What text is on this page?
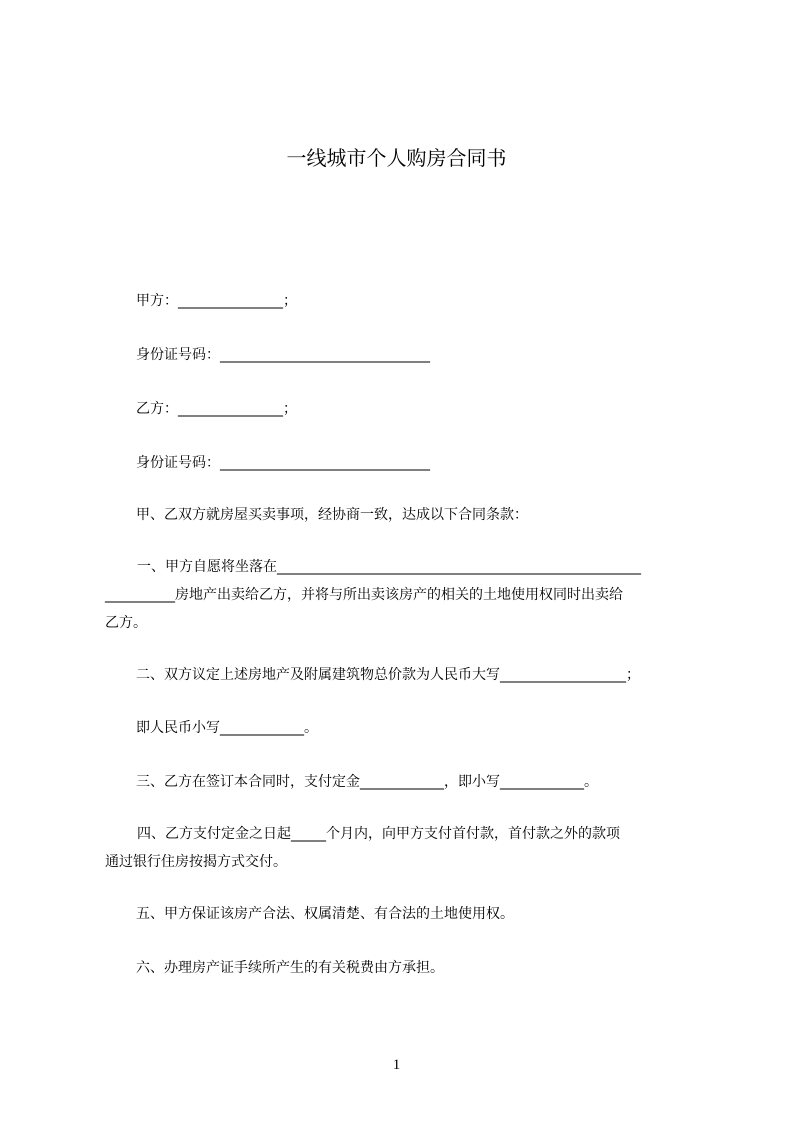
一线城市个人购房合同书
甲方：_______________；
身份证号码：______________________________
乙方：_______________；
身份证号码：______________________________
甲、乙双方就房屋买卖事项，经协商一致，达成以下合同条款：
一、甲方自愿将坐落在____________________________________________________
__________房地产出卖给乙方，并将与所出卖该房产的相关的土地使用权同时出卖给
乙方。
二、双方议定上述房地产及附属建筑物总价款为人民币大写__________________；
即人民币小写____________。
三、乙方在签订本合同时，支付定金____________，即小写____________。
四、乙方支付定金之日起_____个月内，向甲方支付首付款，首付款之外的款项
通过银行住房按揭方式交付。
五、甲方保证该房产合法、权属清楚、有合法的土地使用权。
六、办理房产证手续所产生的有关税费由方承担。
1
